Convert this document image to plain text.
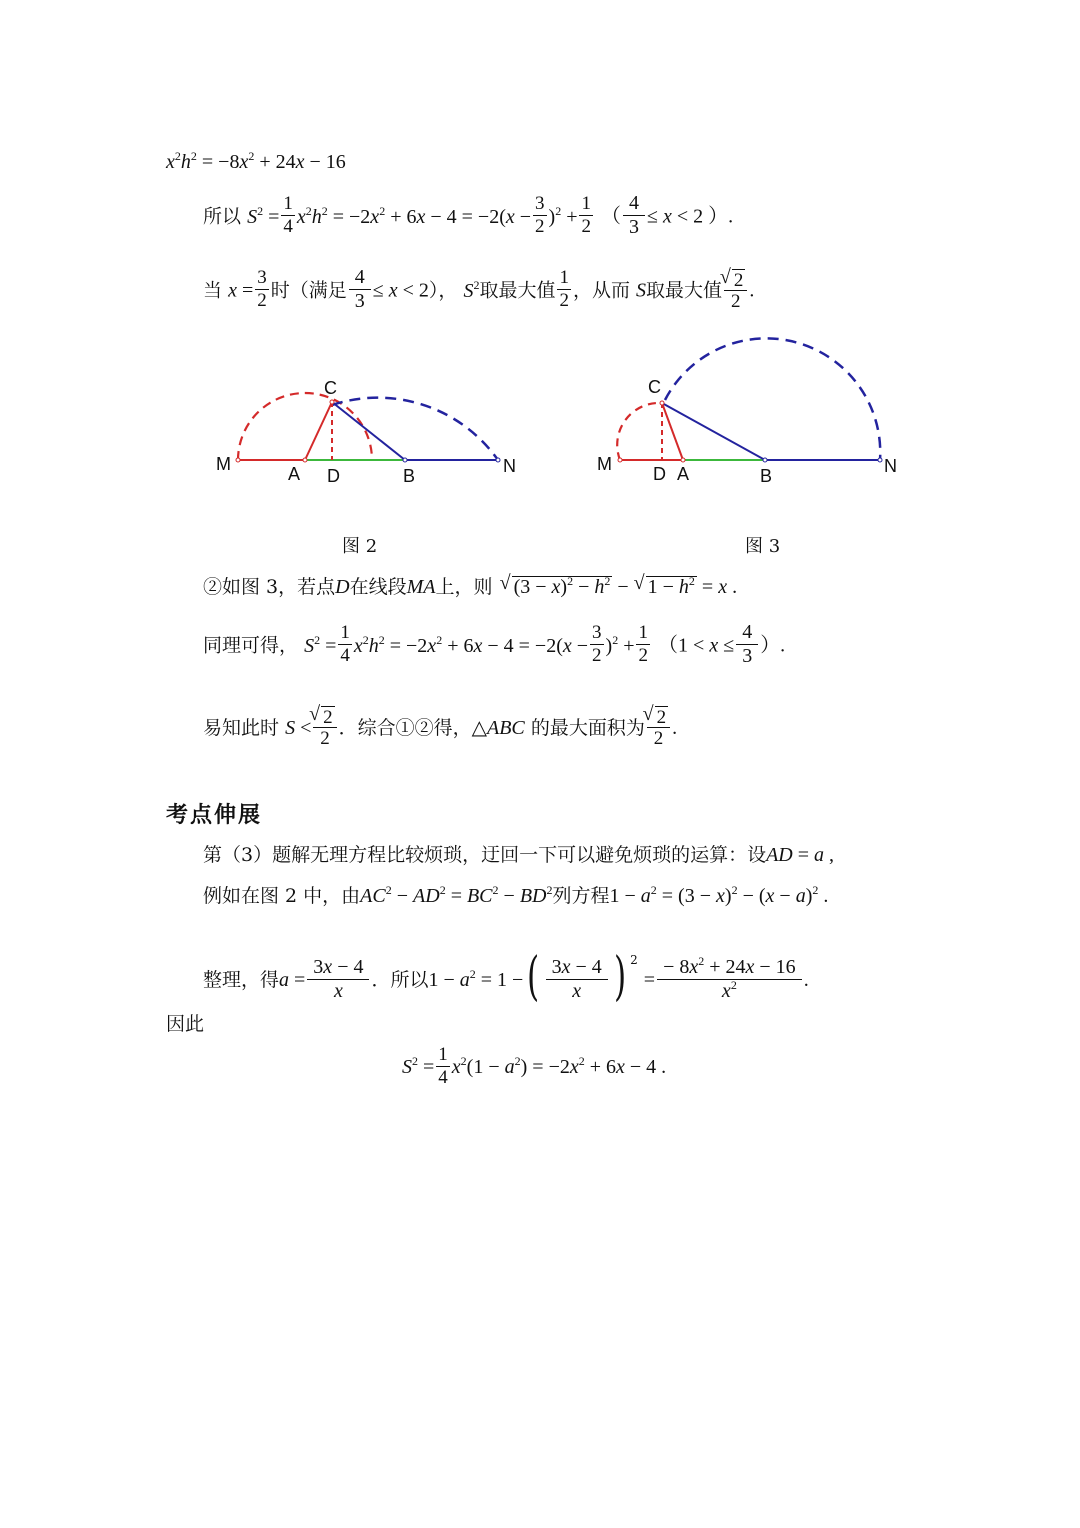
$x^2h^2 = -8x^2 + 24x - 16$
所以 $S^2 = \frac{1}{4} x^2h^2 = -2x^2 + 6x - 4 = -2(x - \frac{3}{2} )^2 + \frac{1}{2}$ （ $\frac{4}{3} \le x < 2$ ）.
当 $x = \frac{3}{2}$ 时（满足 $\frac{4}{3} \le x < 2$）， $S^2$取最大值 $\frac{1}{2}$ ，从而 S取最大值 √ $\frac{2}{2}$ .
M	A D	B	N
C
图 2
M D A	B	N
C
图 3
②如图 3，若点D在线段MA上，则 √ $(3 - x)^2 - h^2$ − √ $1 - h^2 = x$ .
同理可得， $S^2 = \frac{1}{4} x^2h^2 = -2x^2 + 6x - 4 = -2(x - \frac{3}{2} )^2 + \frac{1}{2} (1 < x \le \frac{4}{3}$ ）.
易知此时 S < √ $\frac{2}{2}$ ．综合①②得，△ABC 的最大面积为 √ $\frac{2}{2}$ .
考点伸展
第（3）题解无理方程比较烦琐，迂回一下可以避免烦琐的运算：设AD = a ,
例如在图 2 中，由$AC^2 - AD^2 = BC^2 - BD^2$列方程$1 - a^2 = (3 - x)^2 - (x - a)^2$ .
整理，得$a = \frac{3x - 4}{x}$ ．所以$1 - a^2 = 1$ −( $\frac{3x - 4}{x}$ ) $^2 = \frac{- 8x^2 + 24x - 16}{x^2}$ .
因此
$S^2 = \frac{1}{4} x^2(1 - a^2) = -2x^2 + 6x - 4$ .
